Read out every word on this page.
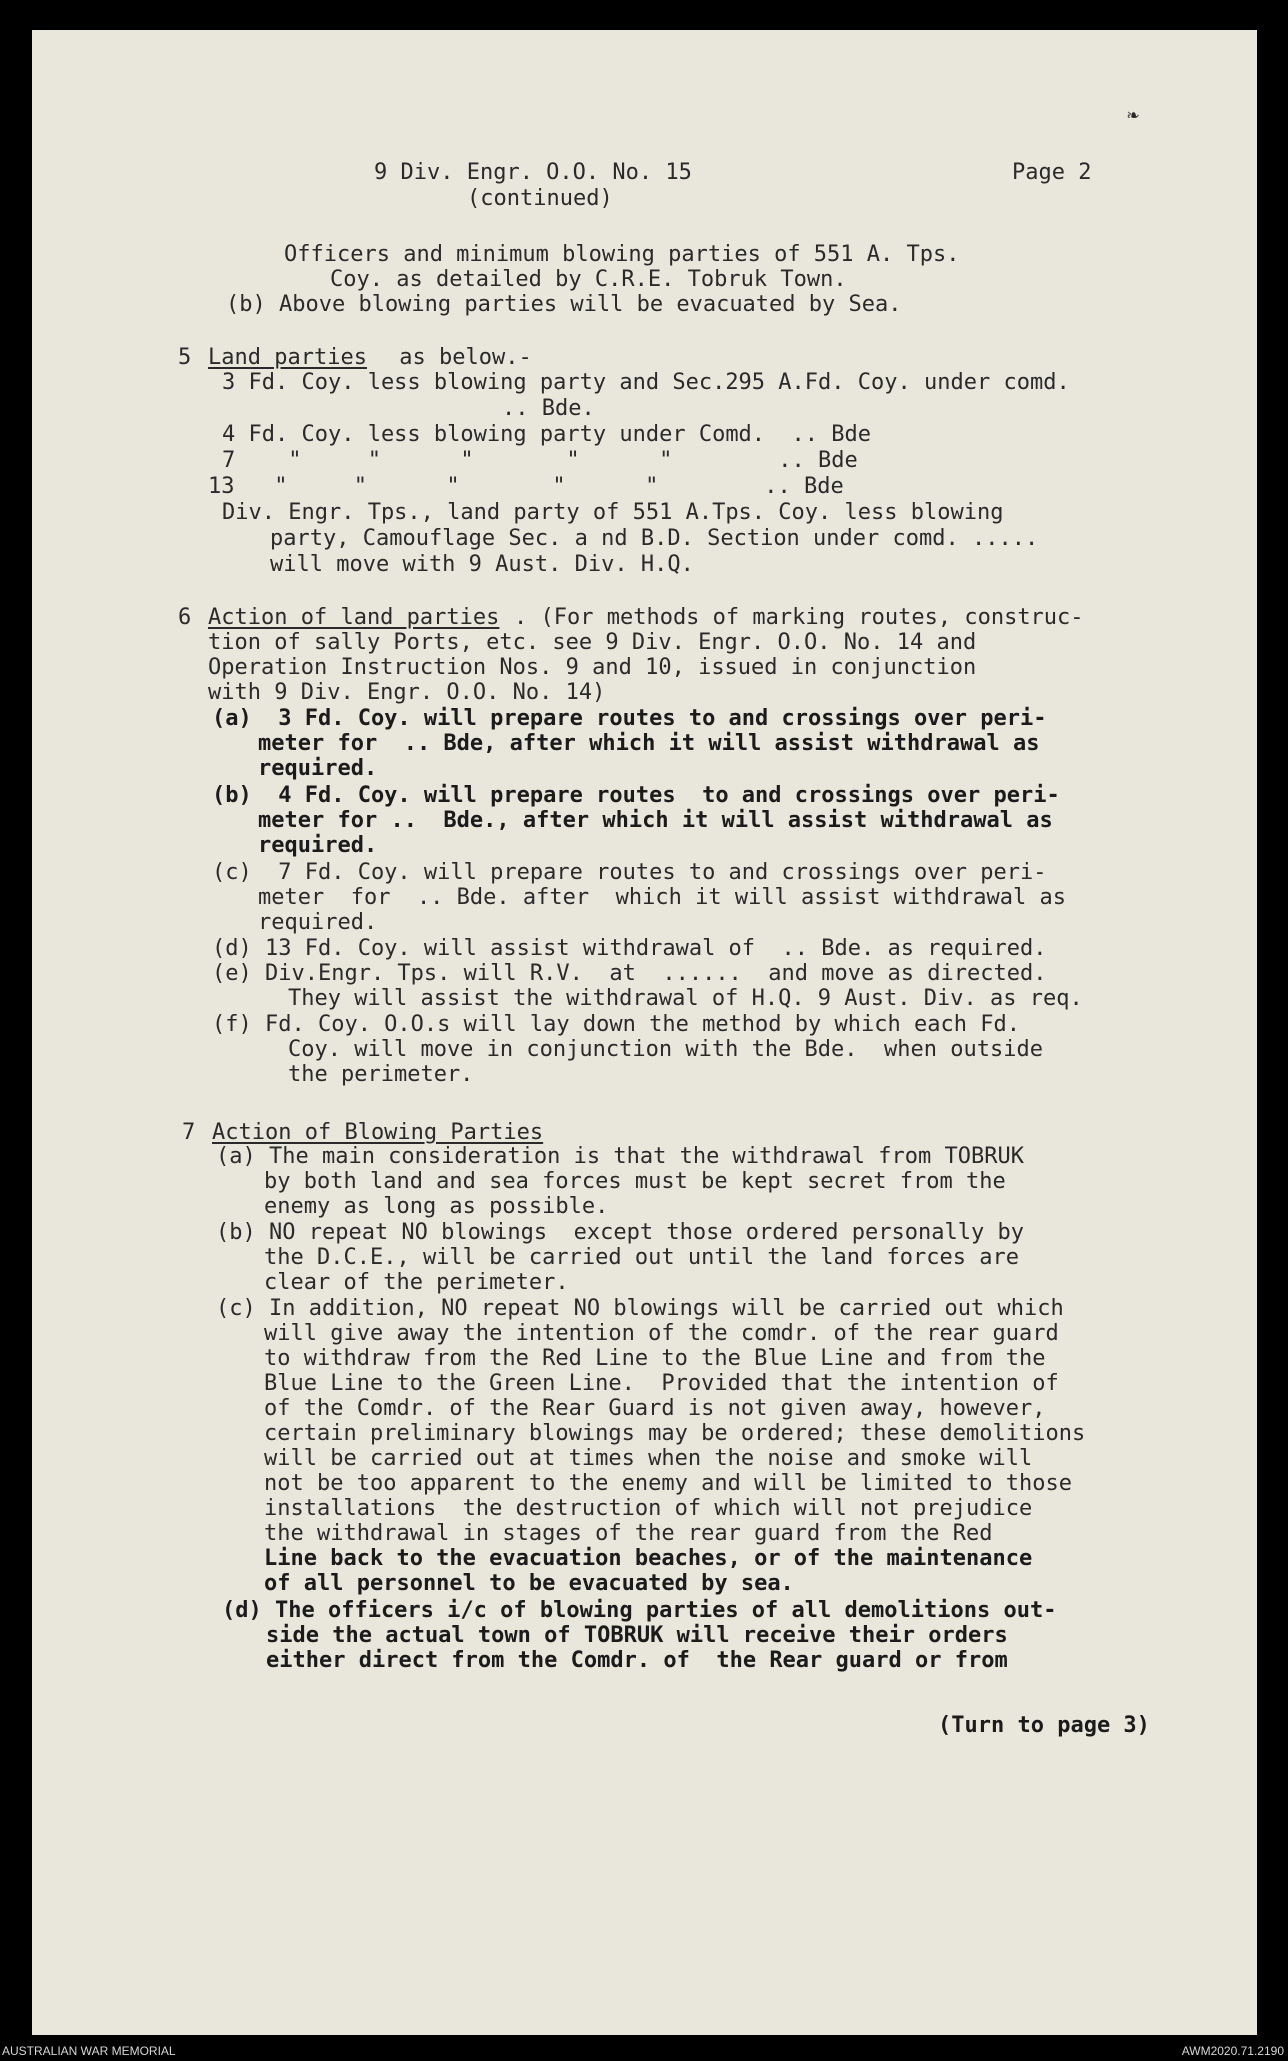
9 Div. Engr. O.O. No. 15	Page 2
(continued)
Officers and minimum blowing parties of 551 A. Tps.
Coy. as detailed by C.R.E. Tobruk Town.
(b) Above blowing parties will be evacuated by Sea.
5 Land parties as below.-
3 Fd. Coy. less blowing party and Sec.295 A.Fd. Coy. under comd.
.. Bde.
4 Fd. Coy. less blowing party under Comd.  .. Bde
7    "     "      "       "      "        .. Bde
13   "     "      "       "      "        .. Bde
Div. Engr. Tps., land party of 551 A.Tps. Coy. less blowing
party, Camouflage Sec. a nd B.D. Section under comd. .....
will move with 9 Aust. Div. H.Q.
6 Action of land parties . (For methods of marking routes, construc-
tion of sally Ports, etc. see 9 Div. Engr. O.O. No. 14 and
Operation Instruction Nos. 9 and 10, issued in conjunction
with 9 Div. Engr. O.O. No. 14)
(a)  3 Fd. Coy. will prepare routes to and crossings over peri-
meter for  .. Bde, after which it will assist withdrawal as
required.
(b)  4 Fd. Coy. will prepare routes  to and crossings over peri-
meter for ..  Bde., after which it will assist withdrawal as
required.
(c)  7 Fd. Coy. will prepare routes to and crossings over peri-
meter  for  .. Bde. after  which it will assist withdrawal as
required.
(d) 13 Fd. Coy. will assist withdrawal of  .. Bde. as required.
(e) Div.Engr. Tps. will R.V.  at  ......  and move as directed.
They will assist the withdrawal of H.Q. 9 Aust. Div. as req.
(f) Fd. Coy. O.O.s will lay down the method by which each Fd.
Coy. will move in conjunction with the Bde.  when outside
the perimeter.
7 Action of Blowing Parties
(a) The main consideration is that the withdrawal from TOBRUK
by both land and sea forces must be kept secret from the
enemy as long as possible.
(b) NO repeat NO blowings  except those ordered personally by
the D.C.E., will be carried out until the land forces are
clear of the perimeter.
(c) In addition, NO repeat NO blowings will be carried out which
will give away the intention of the comdr. of the rear guard
to withdraw from the Red Line to the Blue Line and from the
Blue Line to the Green Line.  Provided that the intention of
of the Comdr. of the Rear Guard is not given away, however,
certain preliminary blowings may be ordered; these demolitions
will be carried out at times when the noise and smoke will
not be too apparent to the enemy and will be limited to those
installations  the destruction of which will not prejudice
the withdrawal in stages of the rear guard from the Red
Line back to the evacuation beaches, or of the maintenance
of all personnel to be evacuated by sea.
(d) The officers i/c of blowing parties of all demolitions out-
side the actual town of TOBRUK will receive their orders
either direct from the Comdr. of  the Rear guard or from
(Turn to page 3)
❧
AUSTRALIAN WAR MEMORIAL	AWM2020.71.2190
